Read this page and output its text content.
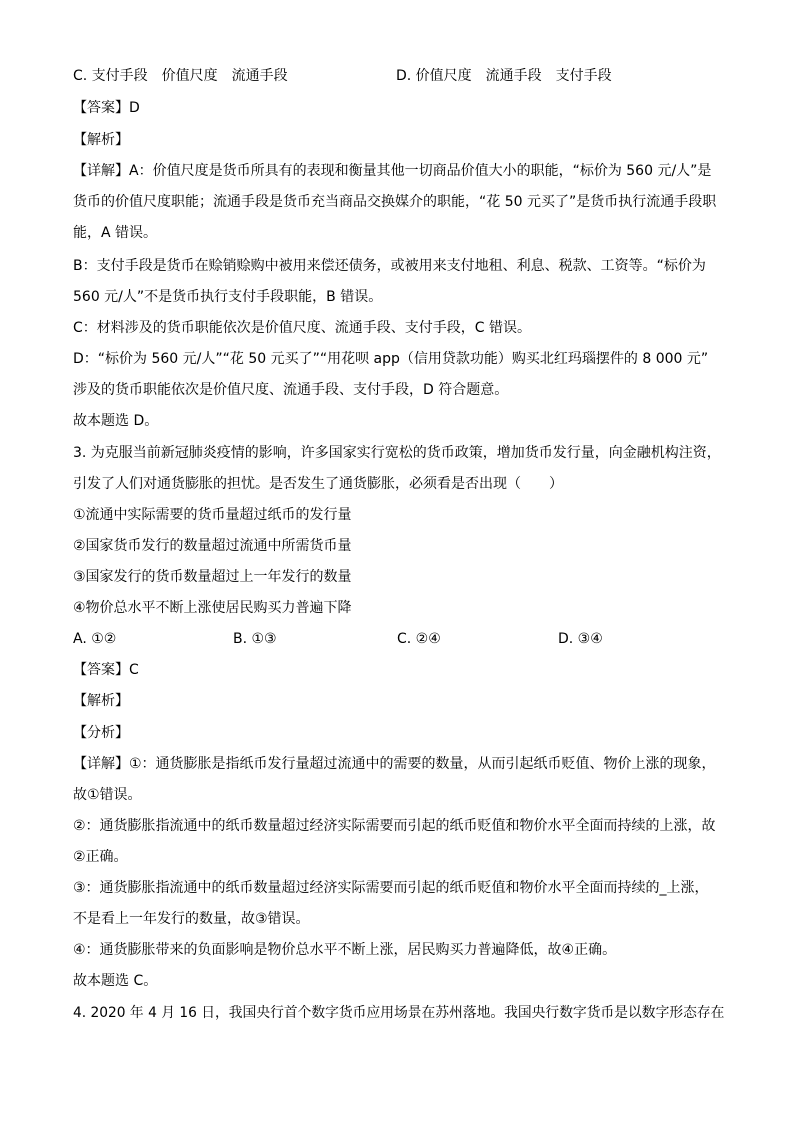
C. 支付手段　价值尺度　流通手段	D. 价值尺度　流通手段　支付手段
【答案】D
【解析】
【详解】A：价值尺度是货币所具有的表现和衡量其他一切商品价值大小的职能，“标价为 560 元/人”是
货币的价值尺度职能；流通手段是货币充当商品交换媒介的职能，“花 50 元买了”是货币执行流通手段职
能，A 错误。
B：支付手段是货币在赊销赊购中被用来偿还债务，或被用来支付地租、利息、税款、工资等。“标价为
560 元/人”不是货币执行支付手段职能，B 错误。
C：材料涉及的货币职能依次是价值尺度、流通手段、支付手段，C 错误。
D：“标价为 560 元/人”“花 50 元买了”“用花呗 app（信用贷款功能）购买北红玛瑙摆件的 8 000 元”
涉及的货币职能依次是价值尺度、流通手段、支付手段，D 符合题意。
故本题选 D。
3. 为克服当前新冠肺炎疫情的影响，许多国家实行宽松的货币政策，增加货币发行量，向金融机构注资，
引发了人们对通货膨胀的担忧。是否发生了通货膨胀，必须看是否出现（　　）
①流通中实际需要的货币量超过纸币的发行量
②国家货币发行的数量超过流通中所需货币量
③国家发行的货币数量超过上一年发行的数量
④物价总水平不断上涨使居民购买力普遍下降
A. ①②	B. ①③	C. ②④	D. ③④
【答案】C
【解析】
【分析】
【详解】①：通货膨胀是指纸币发行量超过流通中的需要的数量，从而引起纸币贬值、物价上涨的现象，
故①错误。
②：通货膨胀指流通中的纸币数量超过经济实际需要而引起的纸币贬值和物价水平全面而持续的上涨，故
②正确。
③：通货膨胀指流通中的纸币数量超过经济实际需要而引起的纸币贬值和物价水平全面而持续的_上涨，
不是看上一年发行的数量，故③错误。
④：通货膨胀带来的负面影响是物价总水平不断上涨，居民购买力普遍降低，故④正确。
故本题选 C。
4. 2020 年 4 月 16 日，我国央行首个数字货币应用场景在苏州落地。我国央行数字货币是以数字形态存在
